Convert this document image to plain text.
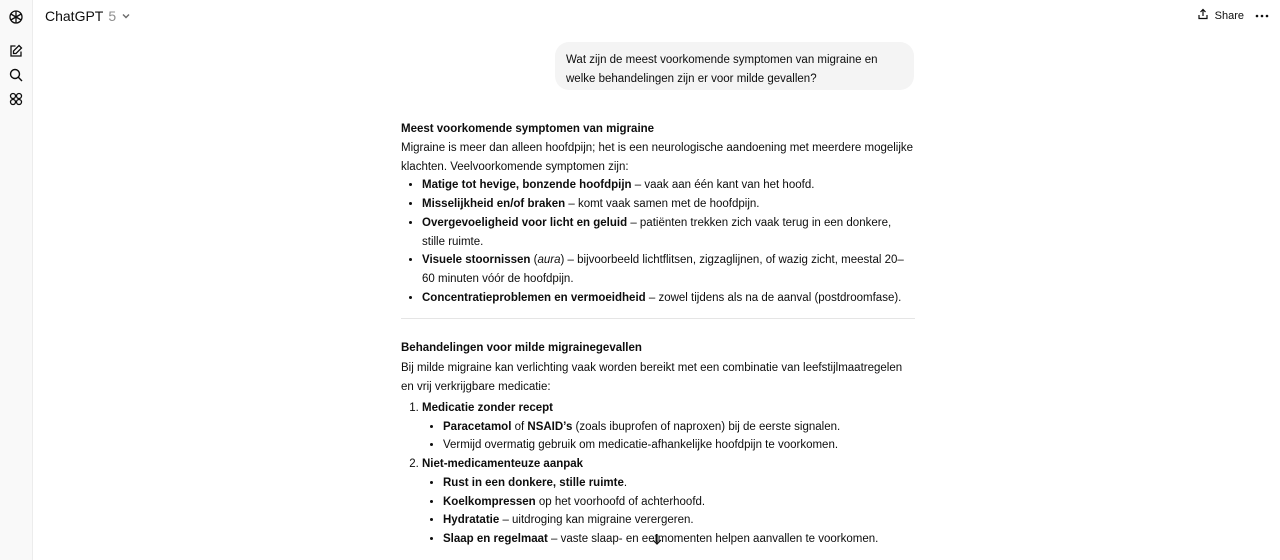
ChatGPT 5	Share
Wat zijn de meest voorkomende symptomen van migraine en welke behandelingen zijn er voor milde gevallen?

Meest voorkomende symptomen van migraine

Migraine is meer dan alleen hoofdpijn; het is een neurologische aandoening met meerdere mogelijke klachten. Veelvoorkomende symptomen zijn:

• Matige tot hevige, bonzende hoofdpijn – vaak aan één kant van het hoofd.
• Misselijkheid en/of braken – komt vaak samen met de hoofdpijn.
• Overgevoeligheid voor licht en geluid – patiënten trekken zich vaak terug in een donkere, stille ruimte.
• Visuele stoornissen (aura) – bijvoorbeeld lichtflitsen, zigzaglijnen, of wazig zicht, meestal 20–60 minuten vóór de hoofdpijn.
• Concentratieproblemen en vermoeidheid – zowel tijdens als na de aanval (postdroomfase).

Behandelingen voor milde migrainegevallen

Bij milde migraine kan verlichting vaak worden bereikt met een combinatie van leefstijlmaatregelen en vrij verkrijgbare medicatie:

1. Medicatie zonder recept
• Paracetamol of NSAID’s (zoals ibuprofen of naproxen) bij de eerste signalen.
• Vermijd overmatig gebruik om medicatie-afhankelijke hoofdpijn te voorkomen.
2. Niet-medicamenteuze aanpak
• Rust in een donkere, stille ruimte.
• Koelkompressen op het voorhoofd of achterhoofd.
• Hydratatie – uitdroging kan migraine verergeren.
• Slaap en regelmaat – vaste slaap- en eetmomenten helpen aanvallen te voorkomen.
